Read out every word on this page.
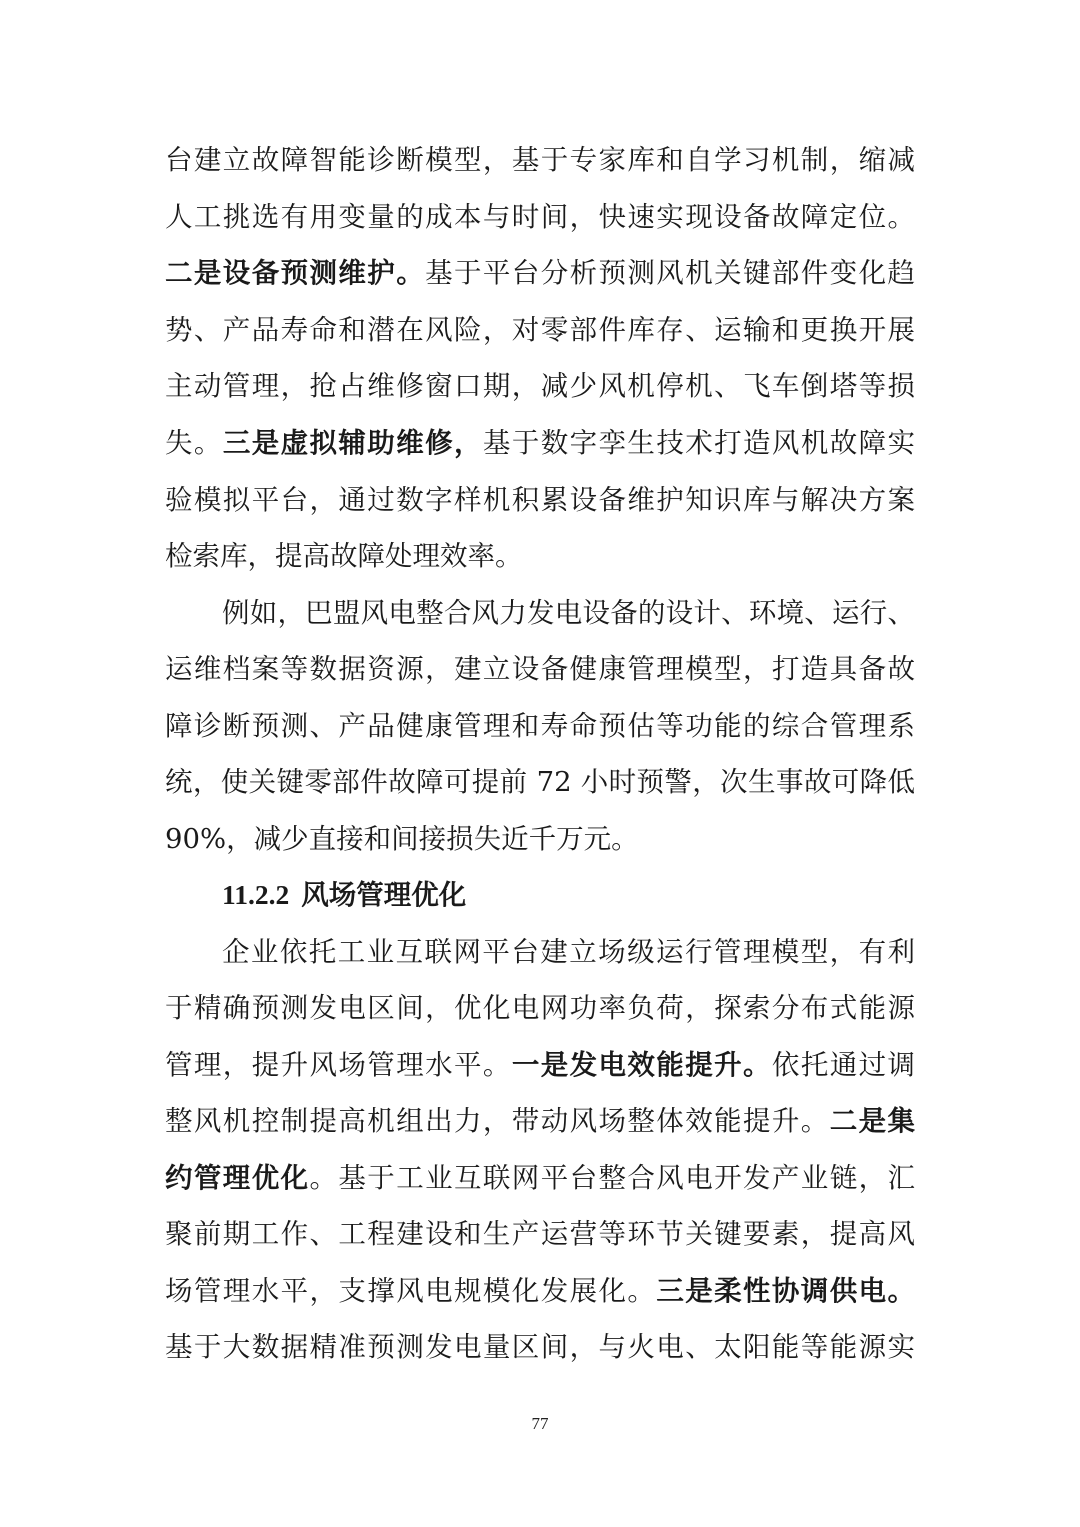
台建立故障智能诊断模型，基于专家库和自学习机制，缩减
人工挑选有用变量的成本与时间，快速实现设备故障定位。
二是设备预测维护。基于平台分析预测风机关键部件变化趋
势、产品寿命和潜在风险，对零部件库存、运输和更换开展
主动管理，抢占维修窗口期，减少风机停机、飞车倒塔等损
失。三是虚拟辅助维修，基于数字孪生技术打造风机故障实
验模拟平台，通过数字样机积累设备维护知识库与解决方案
检索库，提高故障处理效率。
例如，巴盟风电整合风力发电设备的设计、环境、运行、
运维档案等数据资源，建立设备健康管理模型，打造具备故
障诊断预测、产品健康管理和寿命预估等功能的综合管理系
统，使关键零部件故障可提前 72 小时预警，次生事故可降低
90%，减少直接和间接损失近千万元。
11.2.2 风场管理优化
企业依托工业互联网平台建立场级运行管理模型，有利
于精确预测发电区间，优化电网功率负荷，探索分布式能源
管理，提升风场管理水平。一是发电效能提升。依托通过调
整风机控制提高机组出力，带动风场整体效能提升。二是集
约管理优化。基于工业互联网平台整合风电开发产业链，汇
聚前期工作、工程建设和生产运营等环节关键要素，提高风
场管理水平，支撑风电规模化发展化。三是柔性协调供电。
基于大数据精准预测发电量区间，与火电、太阳能等能源实
77
